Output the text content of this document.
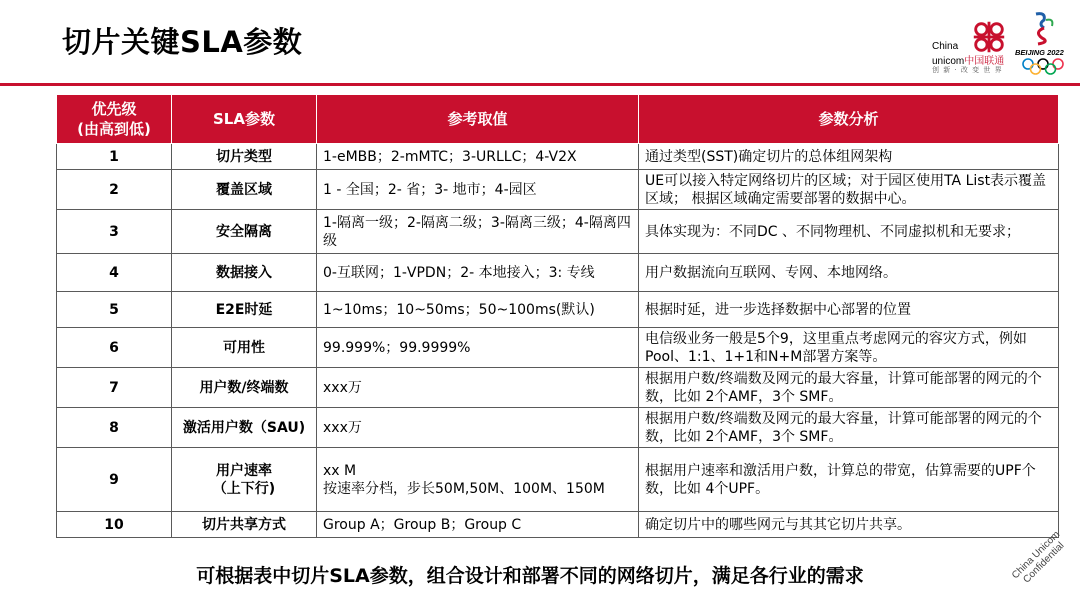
切片关键SLA参数	China
unicom中国联通
创 新 · 改 变 世 界
BEIJING 2022
优先级
(由高到低)	SLA参数	参考取值	参数分析
1	切片类型	1-eMBB；2-mMTC；3-URLLC；4-V2X	通过类型(SST)确定切片的总体组网架构
2	覆盖区域	1 - 全国；2- 省；3- 地市；4-园区	UE可以接入特定网络切片的区域；对于园区使用TA List表示覆盖区域； 根据区域确定需要部署的数据中心。
3	安全隔离	1-隔离一级；2-隔离二级；3-隔离三级；4-隔离四级	具体实现为：不同DC 、不同物理机、不同虚拟机和无要求；
4	数据接入	0-互联网；1-VPDN；2- 本地接入；3: 专线	用户数据流向互联网、专网、本地网络。
5	E2E时延	1~10ms；10~50ms；50~100ms(默认)	根据时延，进一步选择数据中心部署的位置
6	可用性	99.999%；99.9999%	电信级业务一般是5个9，这里重点考虑网元的容灾方式，例如Pool、1:1、1+1和N+M部署方案等。
7	用户数/终端数	xxx万	根据用户数/终端数及网元的最大容量，计算可能部署的网元的个数，比如 2个AMF，3个 SMF。
8	激活用户数（SAU)	xxx万	根据用户数/终端数及网元的最大容量，计算可能部署的网元的个数，比如 2个AMF，3个 SMF。
9	用户速率
（上下行)	xx M
按速率分档，步长50M,50M、100M、150M	根据用户速率和激活用户数，计算总的带宽，估算需要的UPF个数，比如 4个UPF。
10	切片共享方式	Group A；Group B；Group C	确定切片中的哪些网元与其其它切片共享。
可根据表中切片SLA参数，组合设计和部署不同的网络切片，满足各行业的需求	China Unicom
Confidential
